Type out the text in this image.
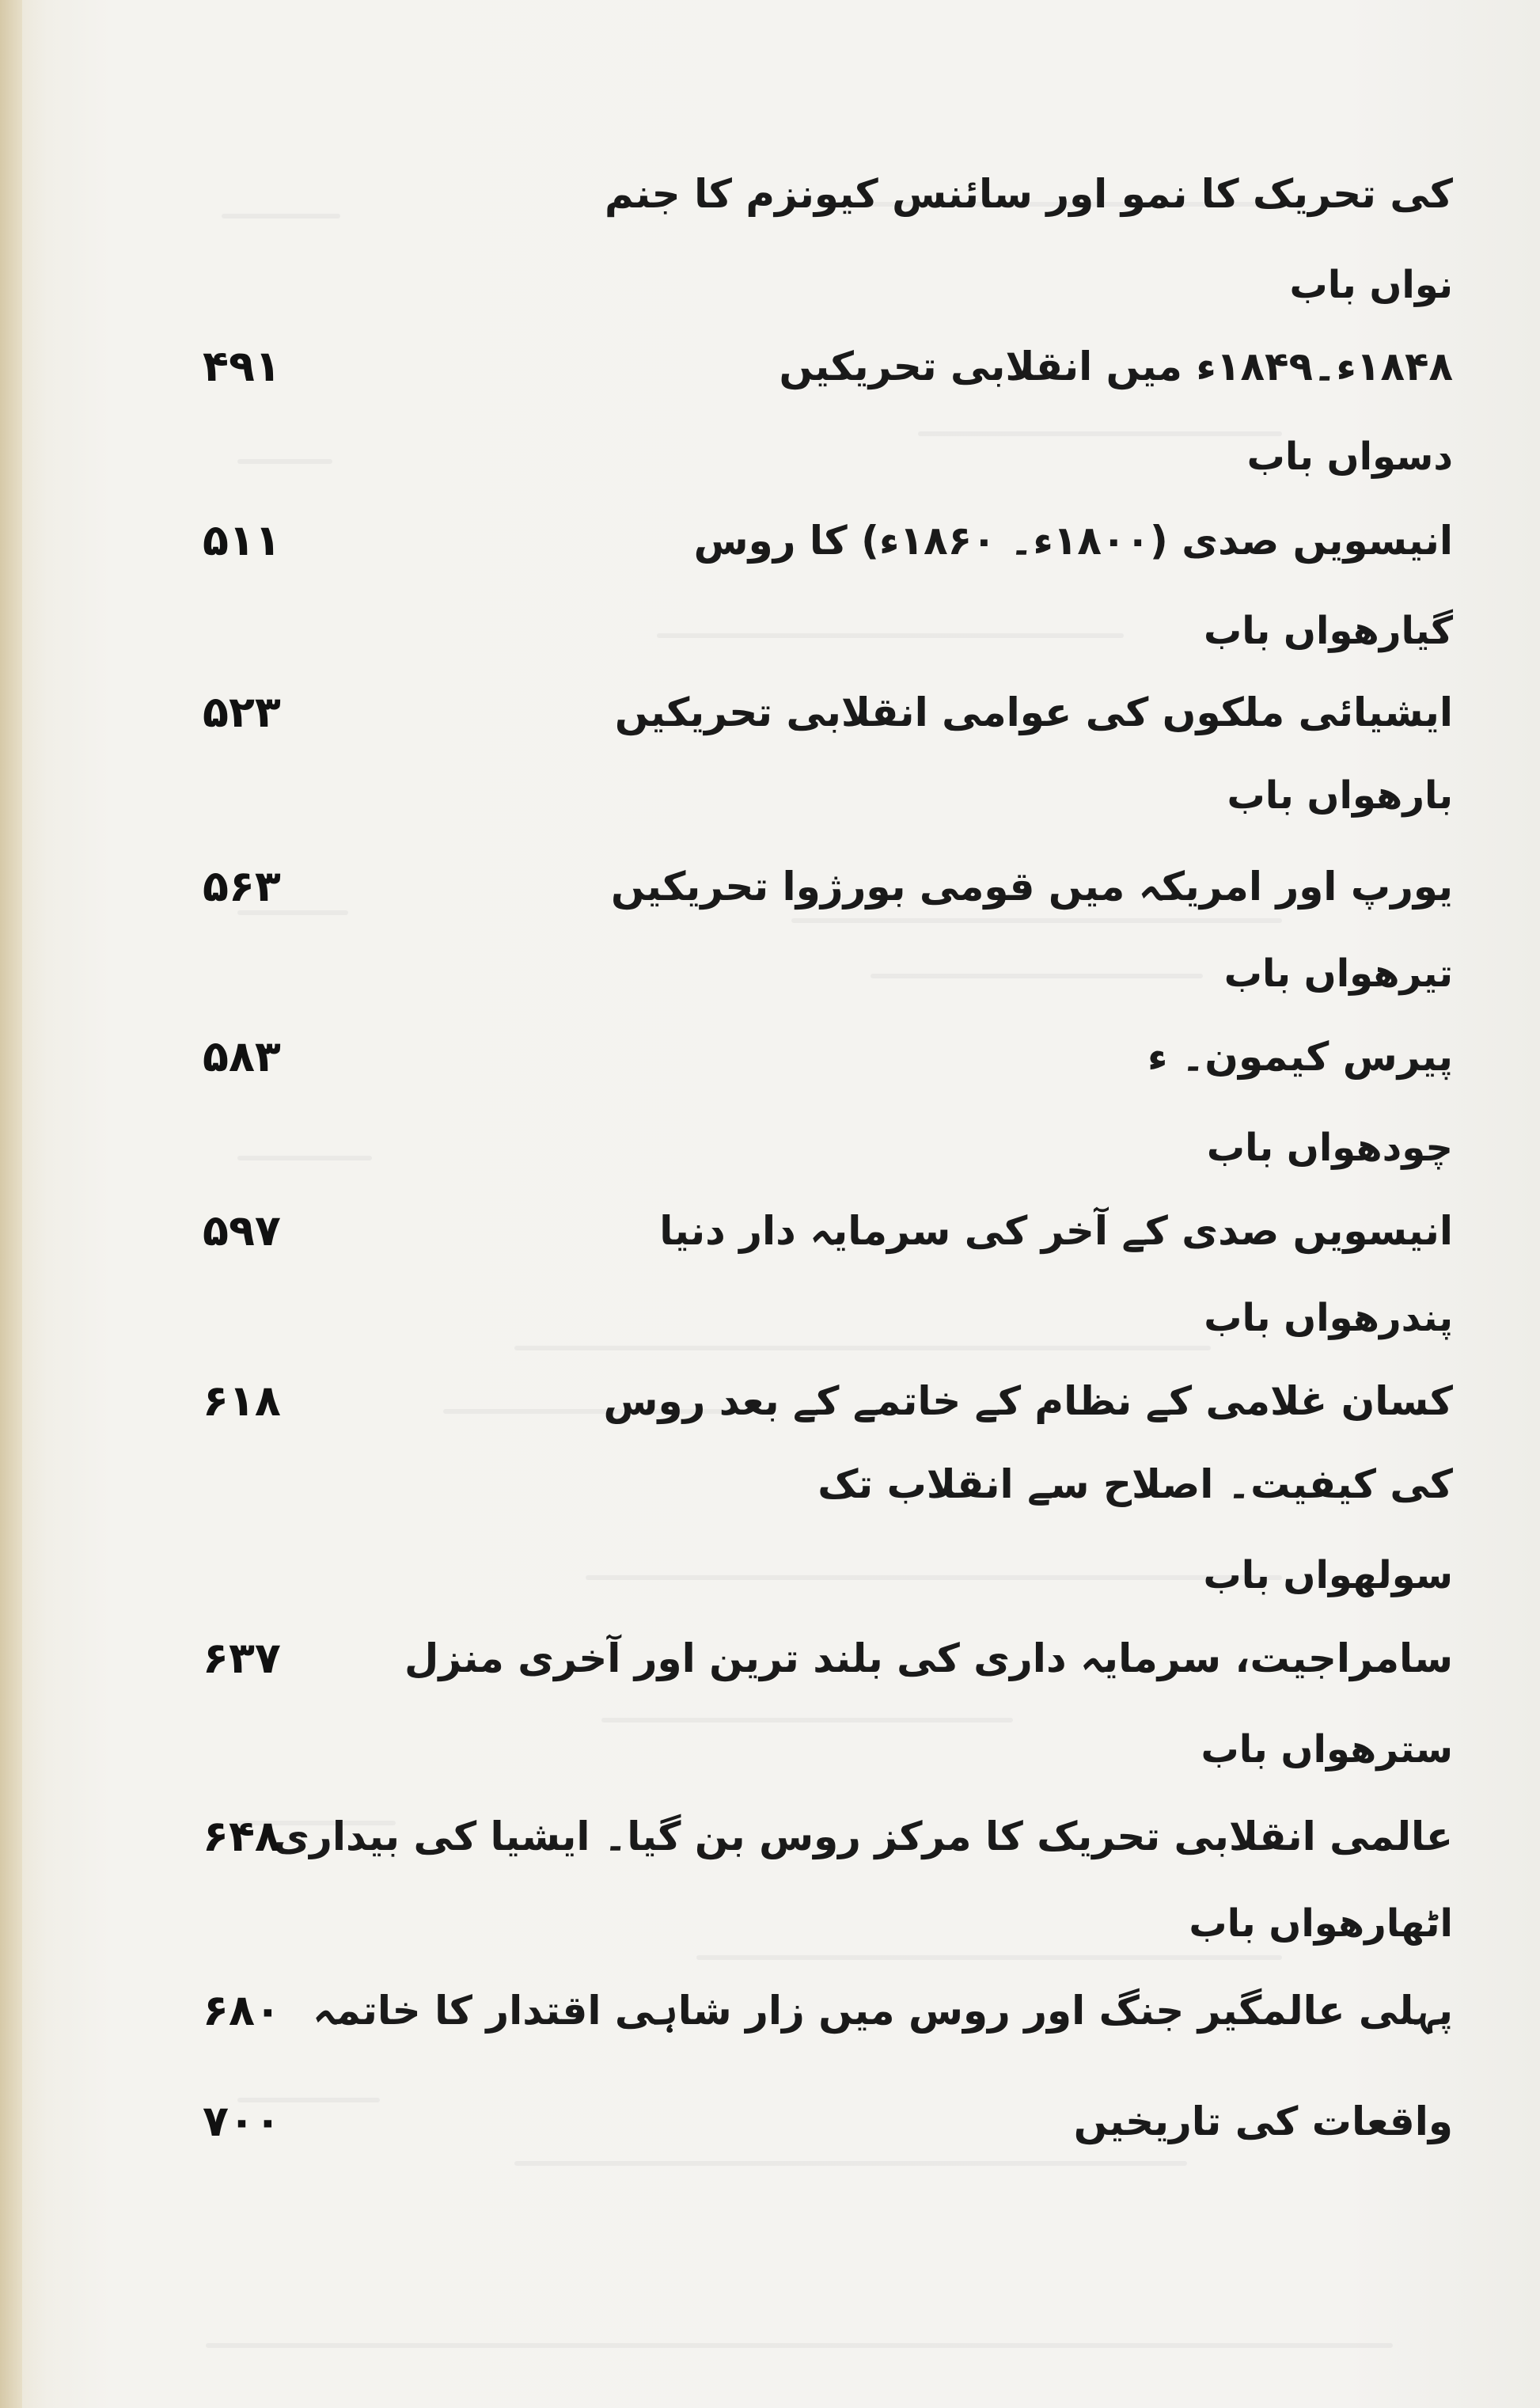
کی تحریک کا نمو اور سائنس کیونزم کا جنم
نواں باب
۱۸۴۸ء۔۱۸۴۹ء میں انقلابی تحریکیں
۴۹۱
دسواں باب
انیسویں صدی (۱۸۰۰ء۔ ۱۸۶۰ء) کا روس
۵۱۱
گیارھواں باب
ایشیائی ملکوں کی عوامی انقلابی تحریکیں
۵۲۳
بارھواں باب
یورپ اور امریکہ میں قومی بورژوا تحریکیں
۵۶۳
تیرھواں باب
پیرس کیمون۔ ء
۵۸۳
چودھواں باب
انیسویں صدی کے آخر کی سرمایہ دار دنیا
۵۹۷
پندرھواں باب
کسان غلامی کے نظام کے خاتمے کے بعد روس
۶۱۸
کی کیفیت۔ اصلاح سے انقلاب تک
سولھواں باب
سامراجیت، سرمایہ داری کی بلند ترین اور آخری منزل
۶۳۷
سترھواں باب
عالمی انقلابی تحریک کا مرکز روس بن گیا۔ ایشیا کی بیداری
۶۴۸
اٹھارھواں باب
پہلی عالمگیر جنگ اور روس میں زار شاہی اقتدار کا خاتمہ
۶۸۰
واقعات کی تاریخیں
۷۰۰
